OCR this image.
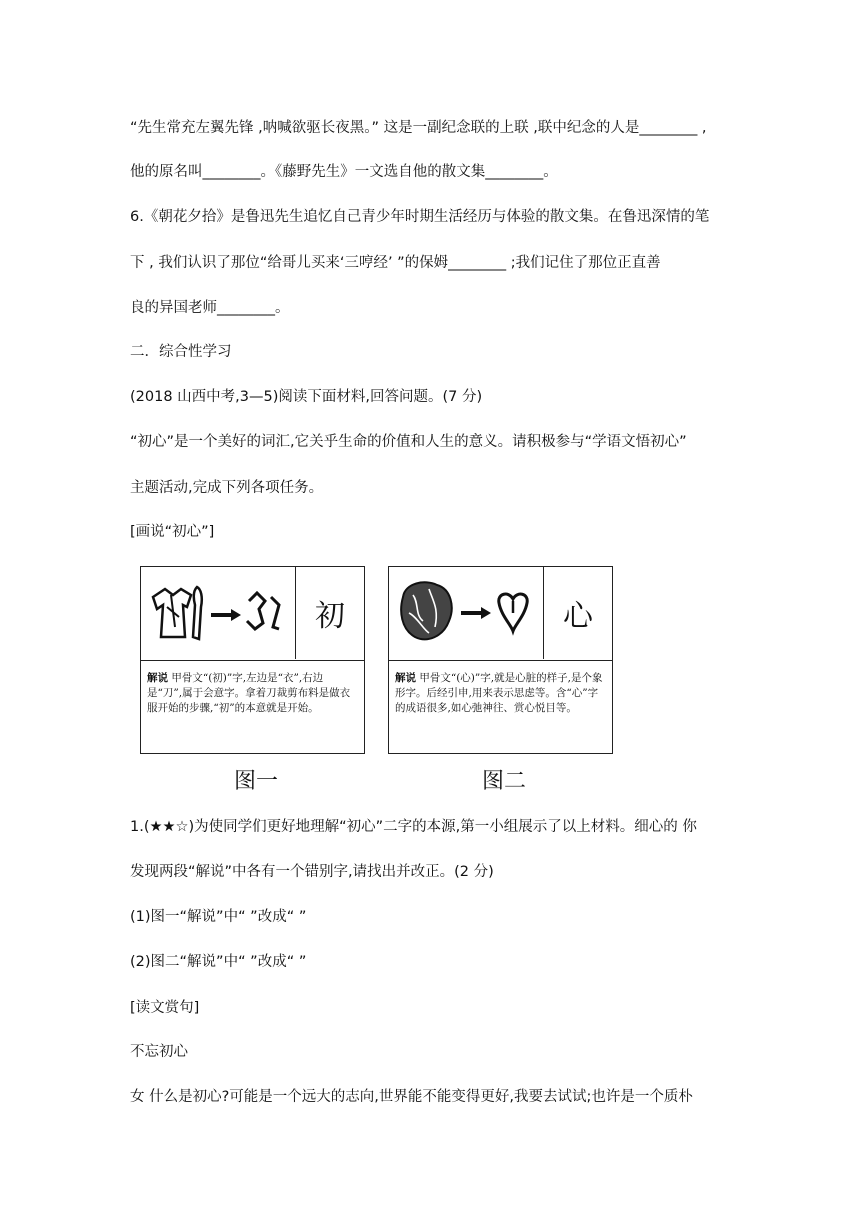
“先生常充左翼先锋 ,呐喊欲驱长夜黑。” 这是一副纪念联的上联 ,联中纪念的人是________ ,
他的原名叫________。《藤野先生》一文选自他的散文集________。
6.《朝花夕拾》是鲁迅先生追忆自己青少年时期生活经历与体验的散文集。在鲁迅深情的笔
下 , 我们认识了那位“给哥儿买来‘三哼经’ ”的保姆________ ;我们记住了那位正直善
良的异国老师________。
二．综合性学习
(2018 山西中考,3—5)阅读下面材料,回答问题。(7 分)
“初心”是一个美好的词汇,它关乎生命的价值和人生的意义。请积极参与“学语文悟初心”
主题活动,完成下列各项任务。
[画说“初心”]
初
解说 甲骨文“(初)”字,左边是“衣”,右边是“刀”,属于会意字。拿着刀裁剪布料是做衣服开始的步骤,“初”的本意就是开始。
图一
心
解说 甲骨文“(心)”字,就是心脏的样子,是个象形字。后经引申,用来表示思虑等。含“心”字的成语很多,如心弛神往、赏心悦目等。
图二
1.(★★☆)为使同学们更好地理解“初心”二字的本源,第一小组展示了以上材料。细心的 你
发现两段“解说”中各有一个错别字,请找出并改正。(2 分)
(1)图一“解说”中“ ”改成“ ”
(2)图二“解说”中“ ”改成“ ”
[读文赏句]
不忘初心
女 什么是初心?可能是一个远大的志向,世界能不能变得更好,我要去试试;也许是一个质朴
